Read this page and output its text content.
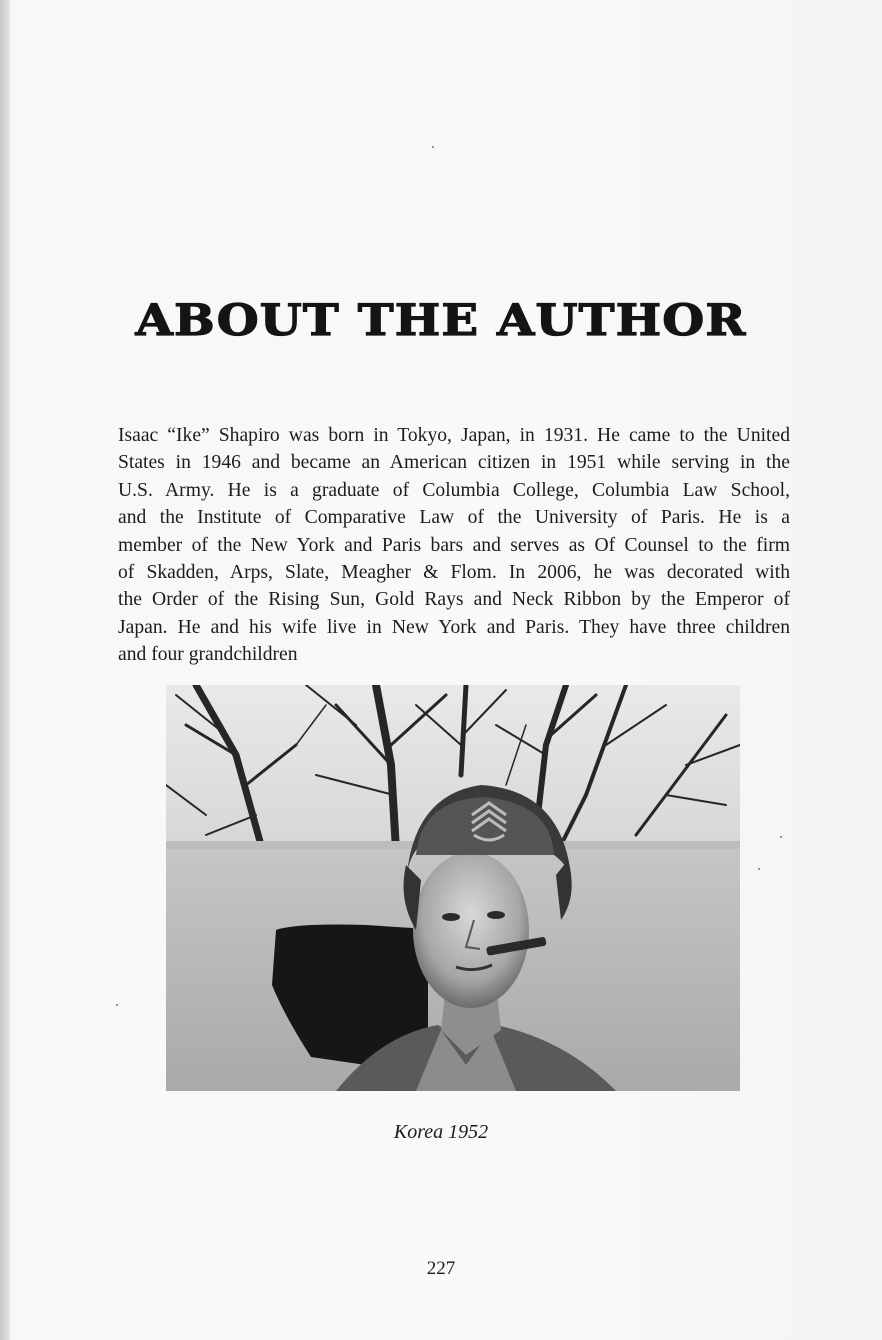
ABOUT THE AUTHOR
Isaac “Ike” Shapiro was born in Tokyo, Japan, in 1931. He came to the United
States in 1946 and became an American citizen in 1951 while serving in the
U.S. Army. He is a graduate of Columbia College, Columbia Law School,
and the Institute of Comparative Law of the University of Paris. He is a
member of the New York and Paris bars and serves as Of Counsel to the firm
of Skadden, Arps, Slate, Meagher & Flom. In 2006, he was decorated with
the Order of the Rising Sun, Gold Rays and Neck Ribbon by the Emperor of
Japan. He and his wife live in New York and Paris. They have three children
and four grandchildren
Korea 1952
227
